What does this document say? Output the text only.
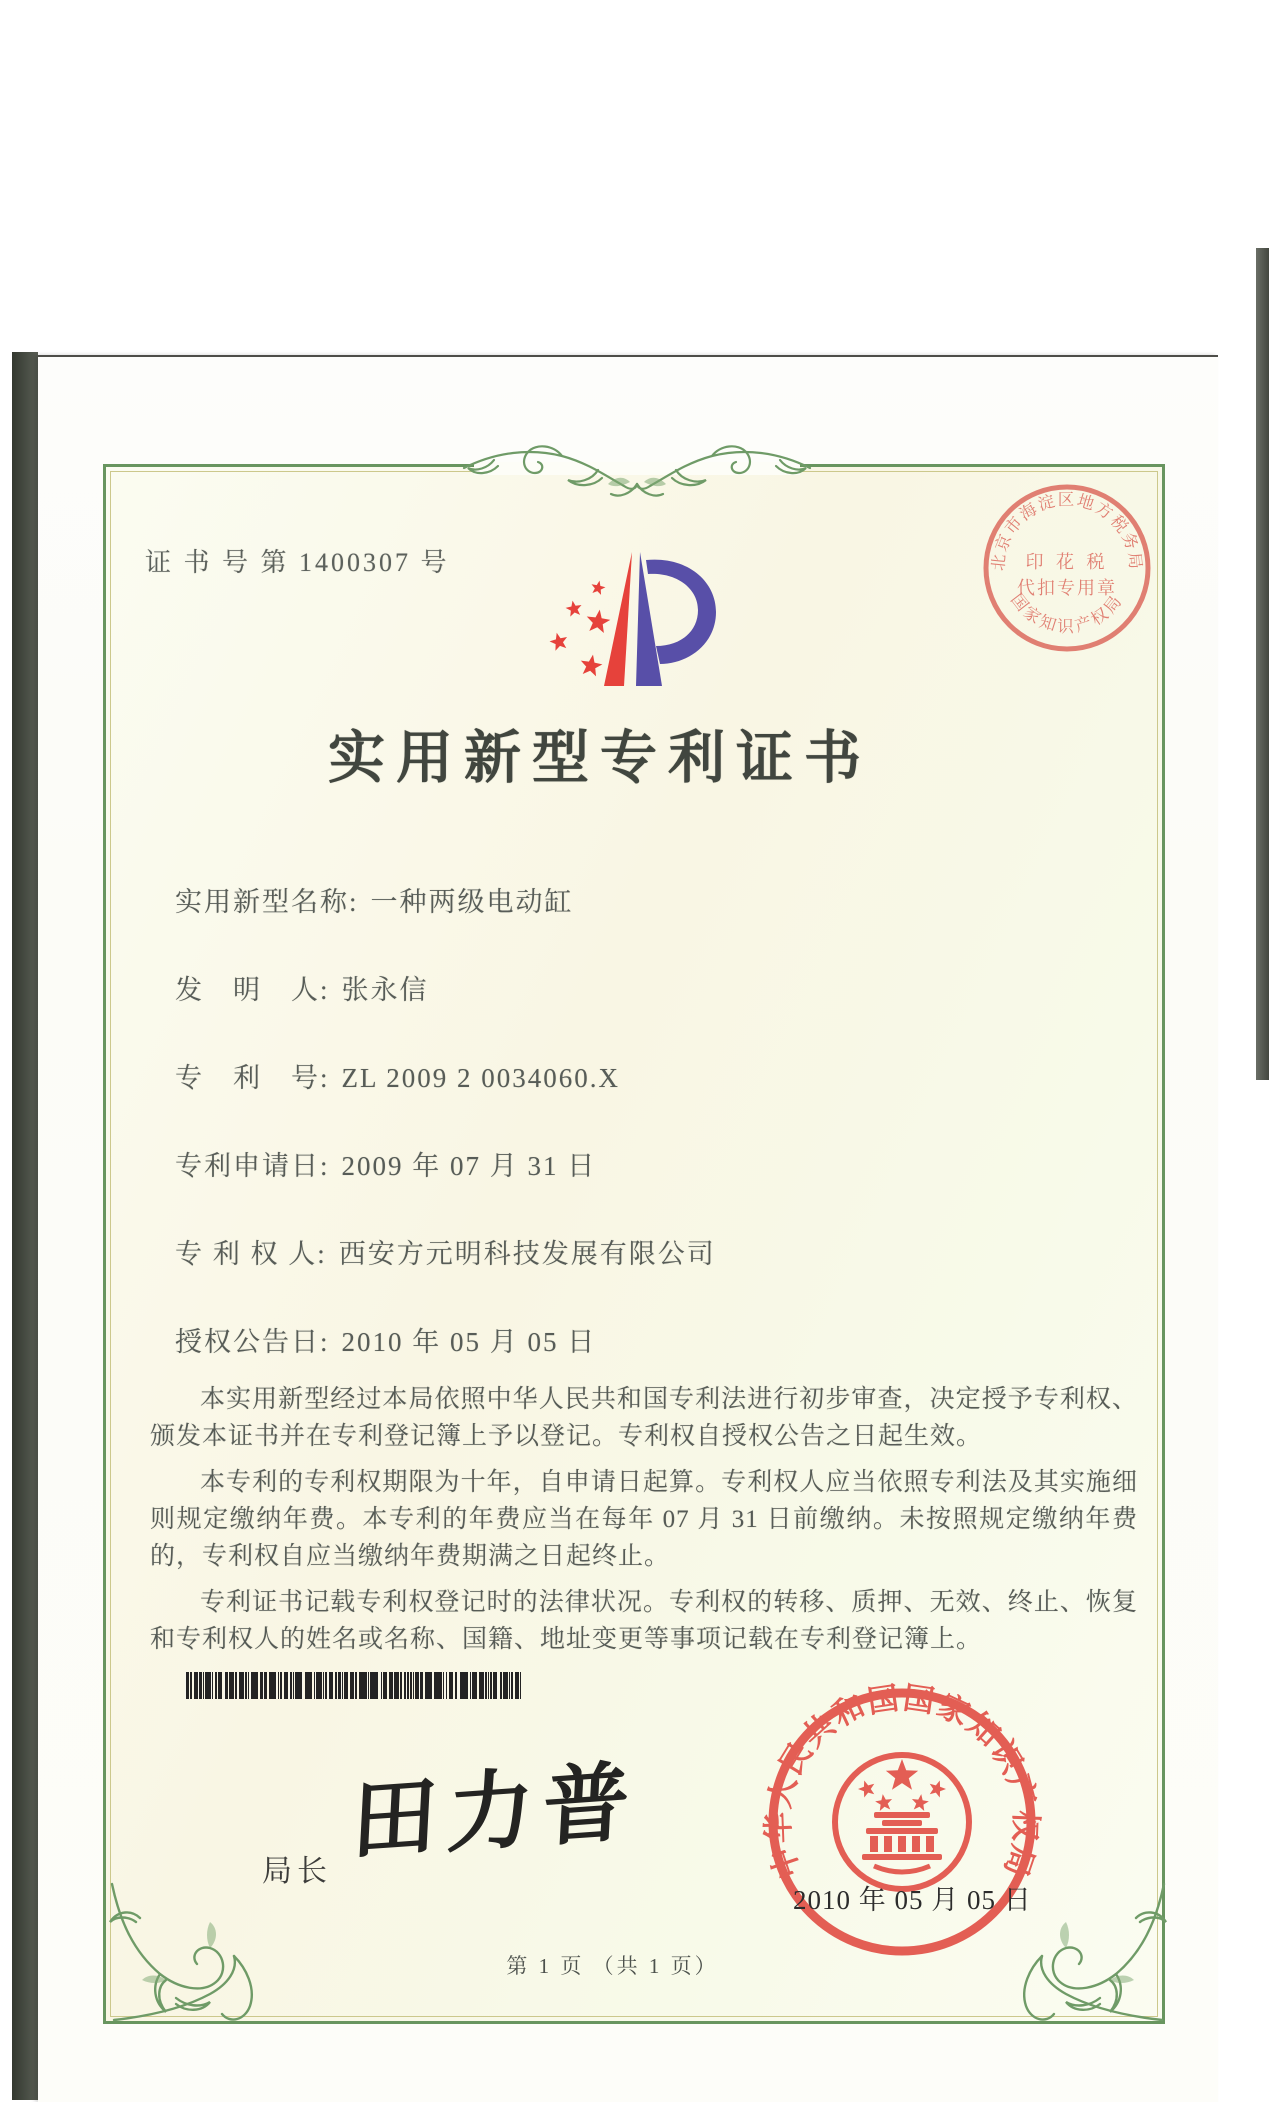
证 书 号 第 1400307 号
实用新型专利证书
实用新型名称: 一种两级电动缸
发　明　人: 张永信
专　利　号: ZL 2009 2 0034060.X
专利申请日: 2009 年 07 月 31 日
专 利 权 人: 西安方元明科技发展有限公司
授权公告日: 2010 年 05 月 05 日

本实用新型经过本局依照中华人民共和国专利法进行初步审查，决定授予专利权、颁发本证书并在专利登记簿上予以登记。专利权自授权公告之日起生效。

本专利的专利权期限为十年，自申请日起算。专利权人应当依照专利法及其实施细则规定缴纳年费。本专利的年费应当在每年 07 月 31 日前缴纳。未按照规定缴纳年费的，专利权自应当缴纳年费期满之日起终止。

专利证书记载专利权登记时的法律状况。专利权的转移、质押、无效、终止、恢复和专利权人的姓名或名称、国籍、地址变更等事项记载在专利登记簿上。

局长 田力普
北京市海淀区地方税务局
国家知识产权局
印 花 税
代扣专用章
中华人民共和国国家知识产权局
2010 年 05 月 05 日
第 1 页 （共 1 页）
